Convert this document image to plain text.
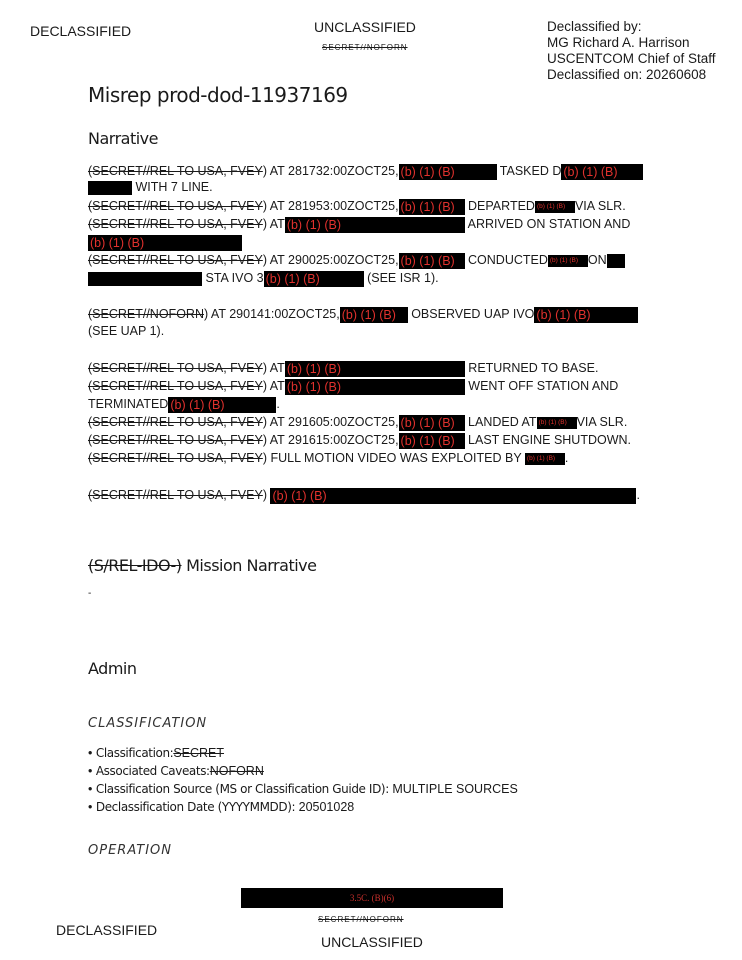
DECLASSIFIED	UNCLASSIFIED
SECRET//NOFORN
Declassified by:
MG Richard A. Harrison
USCENTCOM Chief of Staff
Declassified on: 20260608
Misrep prod-dod-11937169
Narrative
(SECRET//REL TO USA, FVEY) AT 281732:00ZOCT25, (b) (1) (B)	TASKED D (b) (1) (B)
WITH 7 LINE.
(SECRET//REL TO USA, FVEY) AT 281953:00ZOCT25, (b) (1) (B) DEPARTED (b) (1) (B) VIA SLR.
(SECRET//REL TO USA, FVEY) AT (b) (1) (B)	ARRIVED ON STATION AND
(b) (1) (B)
(SECRET//REL TO USA, FVEY) AT 290025:00ZOCT25, (b) (1) (B) CONDUCTED (b) (1) (B) ON
STA IVO 3 (b) (1) (B)	(SEE ISR 1).
(SECRET//NOFORN) AT 290141:00ZOCT25, (b) (1) (B) OBSERVED UAP IVO (b) (1) (B)
(SEE UAP 1).
(SECRET//REL TO USA, FVEY) AT (b) (1) (B)	RETURNED TO BASE.
(SECRET//REL TO USA, FVEY) AT (b) (1) (B)	WENT OFF STATION AND
TERMINATED (b) (1) (B)	.
(SECRET//REL TO USA, FVEY) AT 291605:00ZOCT25, (b) (1) (B) LANDED AT (b) (1) (B) VIA SLR.
(SECRET//REL TO USA, FVEY) AT 291615:00ZOCT25, (b) (1) (B) LAST ENGINE SHUTDOWN.
(SECRET//REL TO USA, FVEY) FULL MOTION VIDEO WAS EXPLOITED BY (b) (1) (B) .
(SECRET//REL TO USA, FVEY) (b) (1) (B)	.
(S/REL-IDO-) Mission Narrative
-
Admin
CLASSIFICATION
• Classification:SECRET
• Associated Caveats:NOFORN
• Classification Source (MS or Classification Guide ID): MULTIPLE SOURCES
• Declassification Date (YYYYMMDD): 20501028
OPERATION
3.5C. (B)(6)
SECRET//NOFORN
DECLASSIFIED
UNCLASSIFIED
